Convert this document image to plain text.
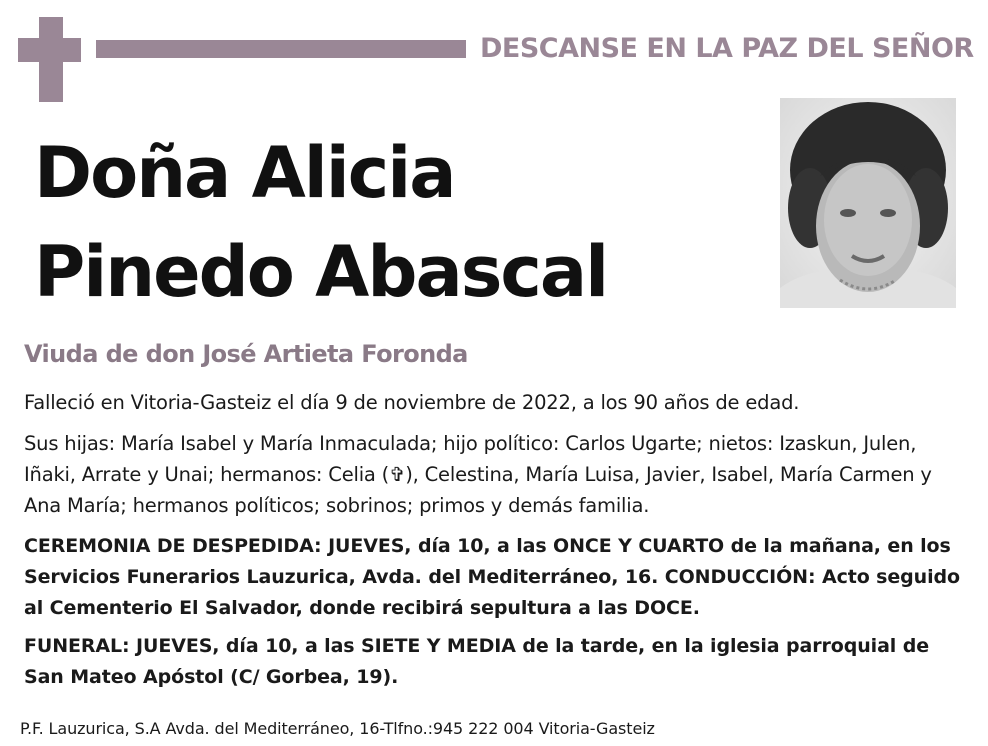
DESCANSE EN LA PAZ DEL SEÑOR
Doña Alicia
Pinedo Abascal
Viuda de don José Artieta Foronda
Falleció en Vitoria-Gasteiz el día 9 de noviembre de 2022, a los 90 años de edad.
Sus hijas: María Isabel y María Inmaculada; hijo político: Carlos Ugarte; nietos: Izaskun, Julen, Iñaki, Arrate y Unai; hermanos: Celia (✞), Celestina, María Luisa, Javier, Isabel, María Carmen y Ana María; hermanos políticos; sobrinos; primos y demás familia.
CEREMONIA DE DESPEDIDA: JUEVES, día 10, a las ONCE Y CUARTO de la mañana, en los Servicios Funerarios Lauzurica, Avda. del Mediterráneo, 16. CONDUCCIÓN: Acto seguido al Cementerio El Salvador, donde recibirá sepultura a las DOCE.
FUNERAL: JUEVES, día 10, a las SIETE Y MEDIA de la tarde, en la iglesia parroquial de San Mateo Apóstol (C/ Gorbea, 19).
P.F. Lauzurica, S.A Avda. del Mediterráneo, 16-Tlfno.:945 222 004 Vitoria-Gasteiz
